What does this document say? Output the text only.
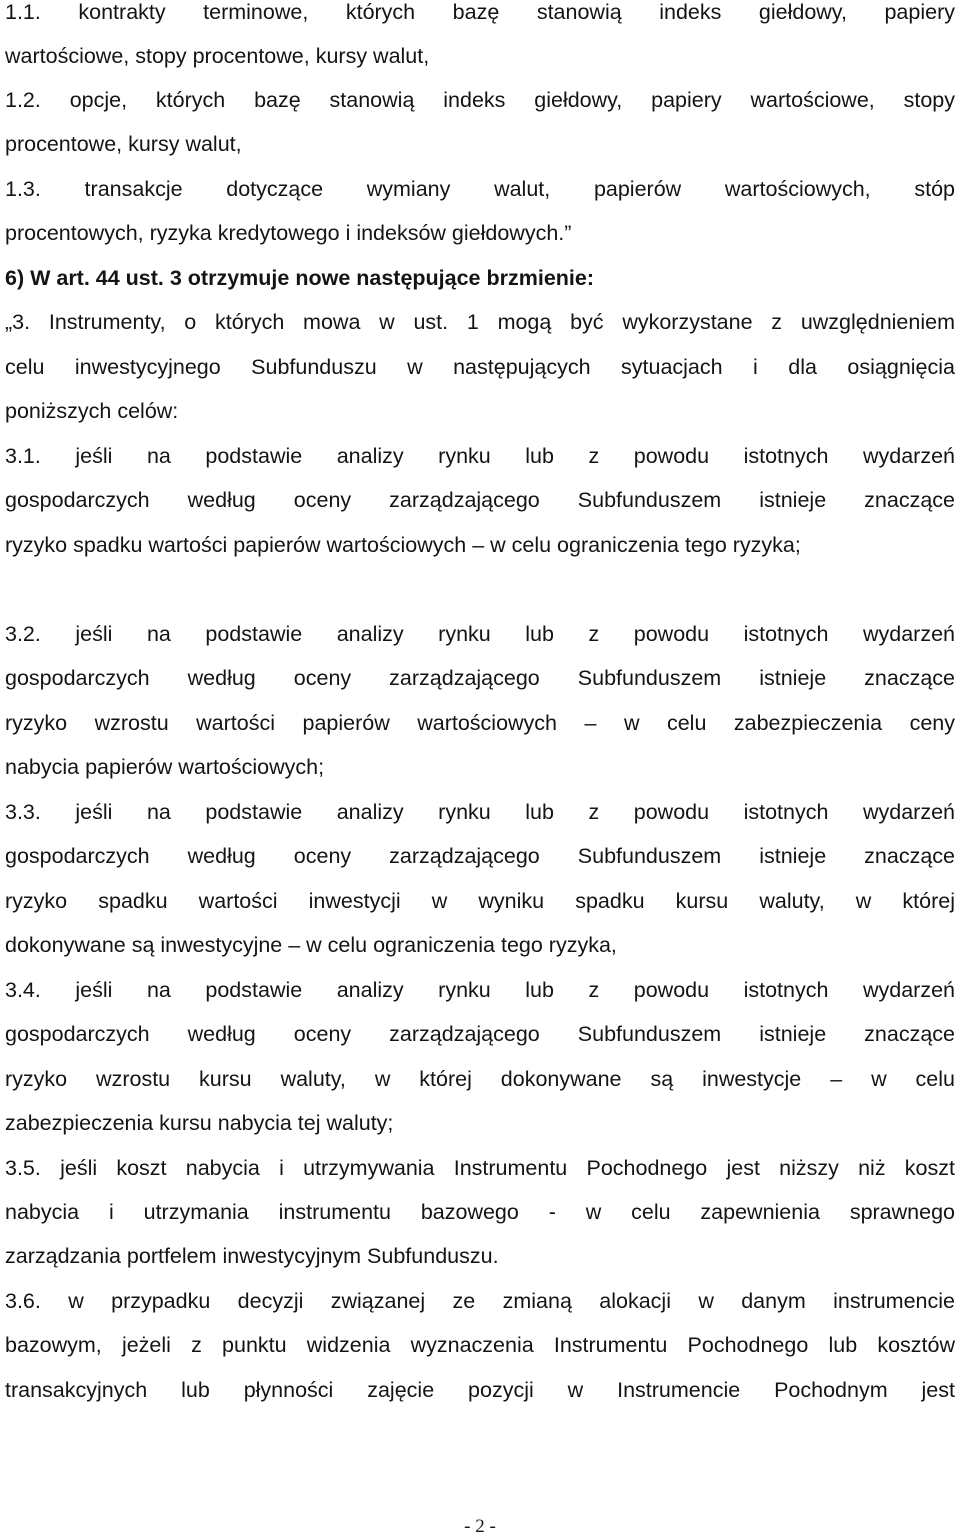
1.1. kontrakty terminowe, których bazę stanowią indeks giełdowy, papiery
wartościowe, stopy procentowe, kursy walut,
1.2. opcje, których bazę stanowią indeks giełdowy, papiery wartościowe, stopy
procentowe, kursy walut,
1.3. transakcje dotyczące wymiany walut, papierów wartościowych, stóp
procentowych, ryzyka kredytowego i indeksów giełdowych.”
6) W art. 44 ust. 3 otrzymuje nowe następujące brzmienie:
„3. Instrumenty, o których mowa w ust. 1 mogą być wykorzystane z uwzględnieniem
celu inwestycyjnego Subfunduszu w następujących sytuacjach i dla osiągnięcia
poniższych celów:
3.1. jeśli na podstawie analizy rynku lub z powodu istotnych wydarzeń
gospodarczych według oceny zarządzającego Subfunduszem istnieje znaczące
ryzyko spadku wartości papierów wartościowych – w celu ograniczenia tego ryzyka;
3.2. jeśli na podstawie analizy rynku lub z powodu istotnych wydarzeń
gospodarczych według oceny zarządzającego Subfunduszem istnieje znaczące
ryzyko wzrostu wartości papierów wartościowych – w celu zabezpieczenia ceny
nabycia papierów wartościowych;
3.3. jeśli na podstawie analizy rynku lub z powodu istotnych wydarzeń
gospodarczych według oceny zarządzającego Subfunduszem istnieje znaczące
ryzyko spadku wartości inwestycji w wyniku spadku kursu waluty, w której
dokonywane są inwestycyjne – w celu ograniczenia tego ryzyka,
3.4. jeśli na podstawie analizy rynku lub z powodu istotnych wydarzeń
gospodarczych według oceny zarządzającego Subfunduszem istnieje znaczące
ryzyko wzrostu kursu waluty, w której dokonywane są inwestycje – w celu
zabezpieczenia kursu nabycia tej waluty;
3.5. jeśli koszt nabycia i utrzymywania Instrumentu Pochodnego jest niższy niż koszt
nabycia i utrzymania instrumentu bazowego - w celu zapewnienia sprawnego
zarządzania portfelem inwestycyjnym Subfunduszu.
3.6. w przypadku decyzji związanej ze zmianą alokacji w danym instrumencie
bazowym, jeżeli z punktu widzenia wyznaczenia Instrumentu Pochodnego lub kosztów
transakcyjnych lub płynności zajęcie pozycji w Instrumencie Pochodnym jest
- 2 -
